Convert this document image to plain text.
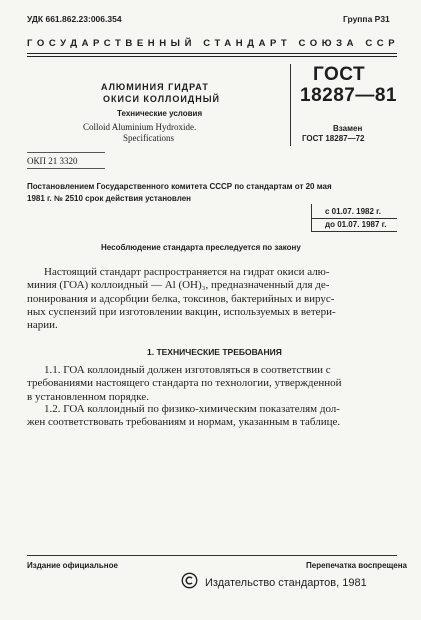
УДК 661.862.23:006.354	Группа Р31
ГОСУДАРСТВЕННЫЙ СТАНДАРТ СОЮЗА ССР
АЛЮМИНИЯ ГИДРАТ
ОКИСИ КОЛЛОИДНЫЙ
Технические условия
Colloid Aluminium Hydroxide.
Specifications
ГОСТ
18287—81
Взамен
ГОСТ 18287—72
ОКП 21 3320
Постановлением Государственного комитета СССР по стандартам от 20 мая
1981 г. № 2510 срок действия установлен
с 01.07. 1982 г.
до 01.07. 1987 г.
Несоблюдение стандарта преследуется по закону
Настоящий стандарт распространяется на гидрат окиси алю-
миния (ГОА) коллоидный — Al (OH)₃, предназначенный для де-
понирования и адсорбции белка, токсинов, бактерийных и вирус-
ных суспензий при изготовлении вакцин, используемых в ветери-
нарии.
1. ТЕХНИЧЕСКИЕ ТРЕБОВАНИЯ
1.1. ГОА коллоидный должен изготовляться в соответствии с
требованиями настоящего стандарта по технологии, утвержденной
в установленном порядке.
1.2. ГОА коллоидный по физико-химическим показателям дол-
жен соответствовать требованиям и нормам, указанным в таблице.
Издание официальное	Перепечатка воспрещена
Издательство стандартов, 1981
